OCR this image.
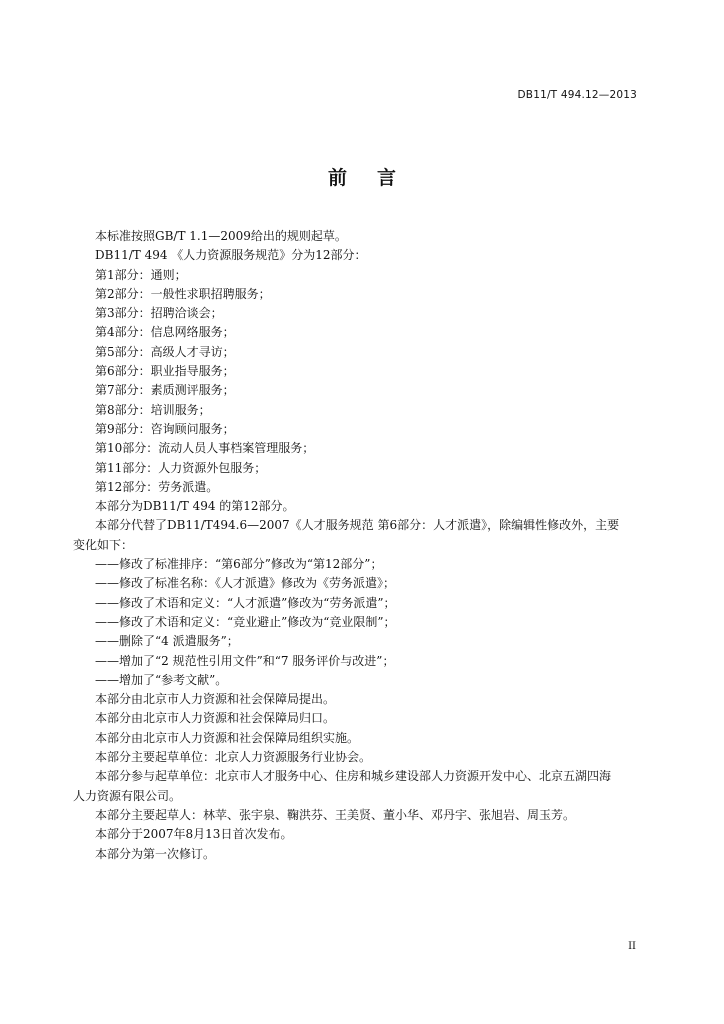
DB11/T 494.12—2013
前言
本标准按照GB/T 1.1—2009给出的规则起草。
DB11/T 494 《人力资源服务规范》分为12部分：
第1部分：通则；
第2部分：一般性求职招聘服务；
第3部分：招聘洽谈会；
第4部分：信息网络服务；
第5部分：高级人才寻访；
第6部分：职业指导服务；
第7部分：素质测评服务；
第8部分：培训服务；
第9部分：咨询顾问服务；
第10部分：流动人员人事档案管理服务；
第11部分：人力资源外包服务；
第12部分：劳务派遣。
本部分为DB11/T 494 的第12部分。
本部分代替了DB11/T494.6—2007《人才服务规范 第6部分：人才派遣》，除编辑性修改外，主要
变化如下：
——修改了标准排序：“第6部分”修改为“第12部分”；
——修改了标准名称：《人才派遣》修改为《劳务派遣》；
——修改了术语和定义：“人才派遣”修改为“劳务派遣”；
——修改了术语和定义：“竞业避止”修改为“竞业限制”；
——删除了“4 派遣服务”；
——增加了“2 规范性引用文件”和“7 服务评价与改进”；
——增加了“参考文献”。
本部分由北京市人力资源和社会保障局提出。
本部分由北京市人力资源和社会保障局归口。
本部分由北京市人力资源和社会保障局组织实施。
本部分主要起草单位：北京人力资源服务行业协会。
本部分参与起草单位：北京市人才服务中心、住房和城乡建设部人力资源开发中心、北京五湖四海
人力资源有限公司。
本部分主要起草人：林苹、张宇泉、鞠洪芬、王美贤、董小华、邓丹宇、张旭岩、周玉芳。
本部分于2007年8月13日首次发布。
本部分为第一次修订。
II
